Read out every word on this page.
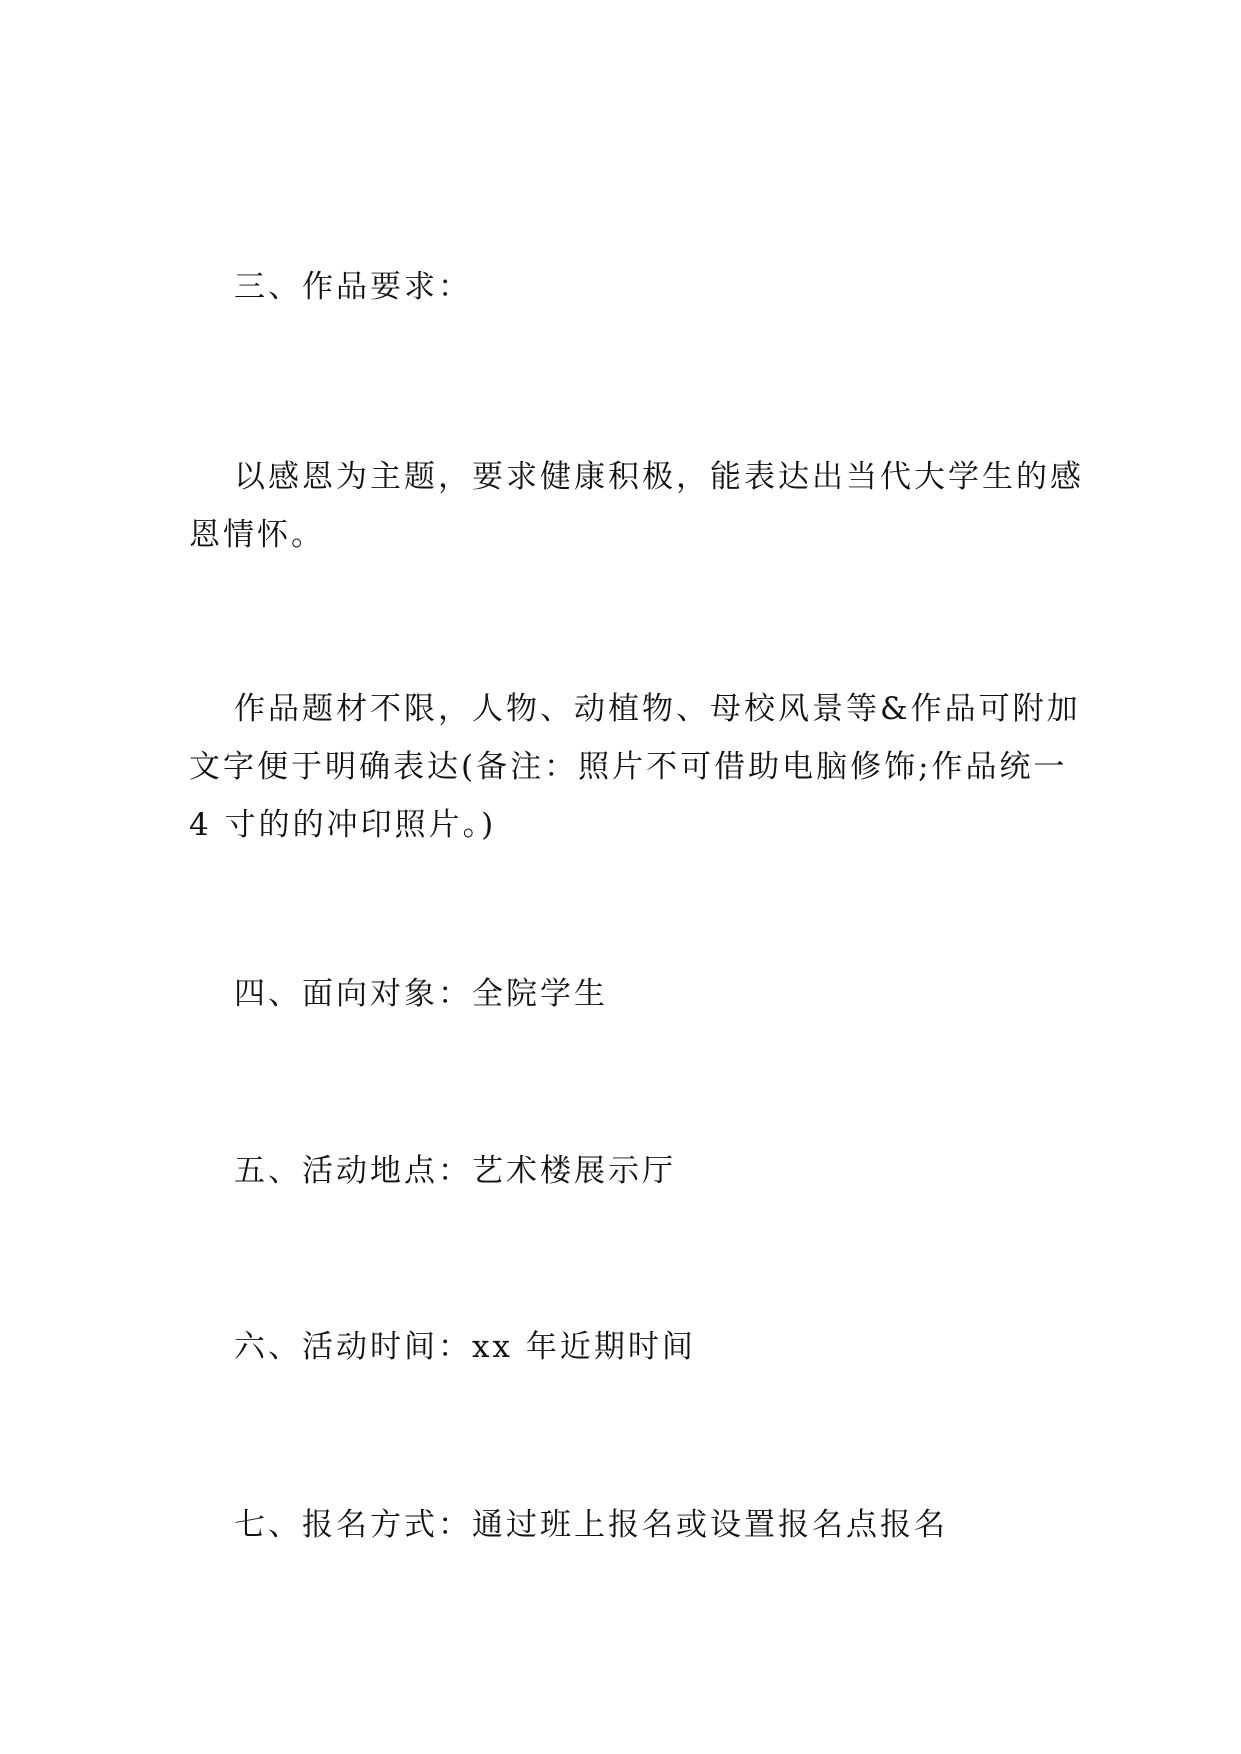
三、作品要求：

以感恩为主题，要求健康积极，能表达出当代大学生的感
恩情怀。

作品题材不限，人物、动植物、母校风景等&作品可附加
文字便于明确表达(备注：照片不可借助电脑修饰;作品统一
4 寸的的冲印照片。)

四、面向对象：全院学生

五、活动地点：艺术楼展示厅

六、活动时间：xx 年近期时间

七、报名方式：通过班上报名或设置报名点报名
